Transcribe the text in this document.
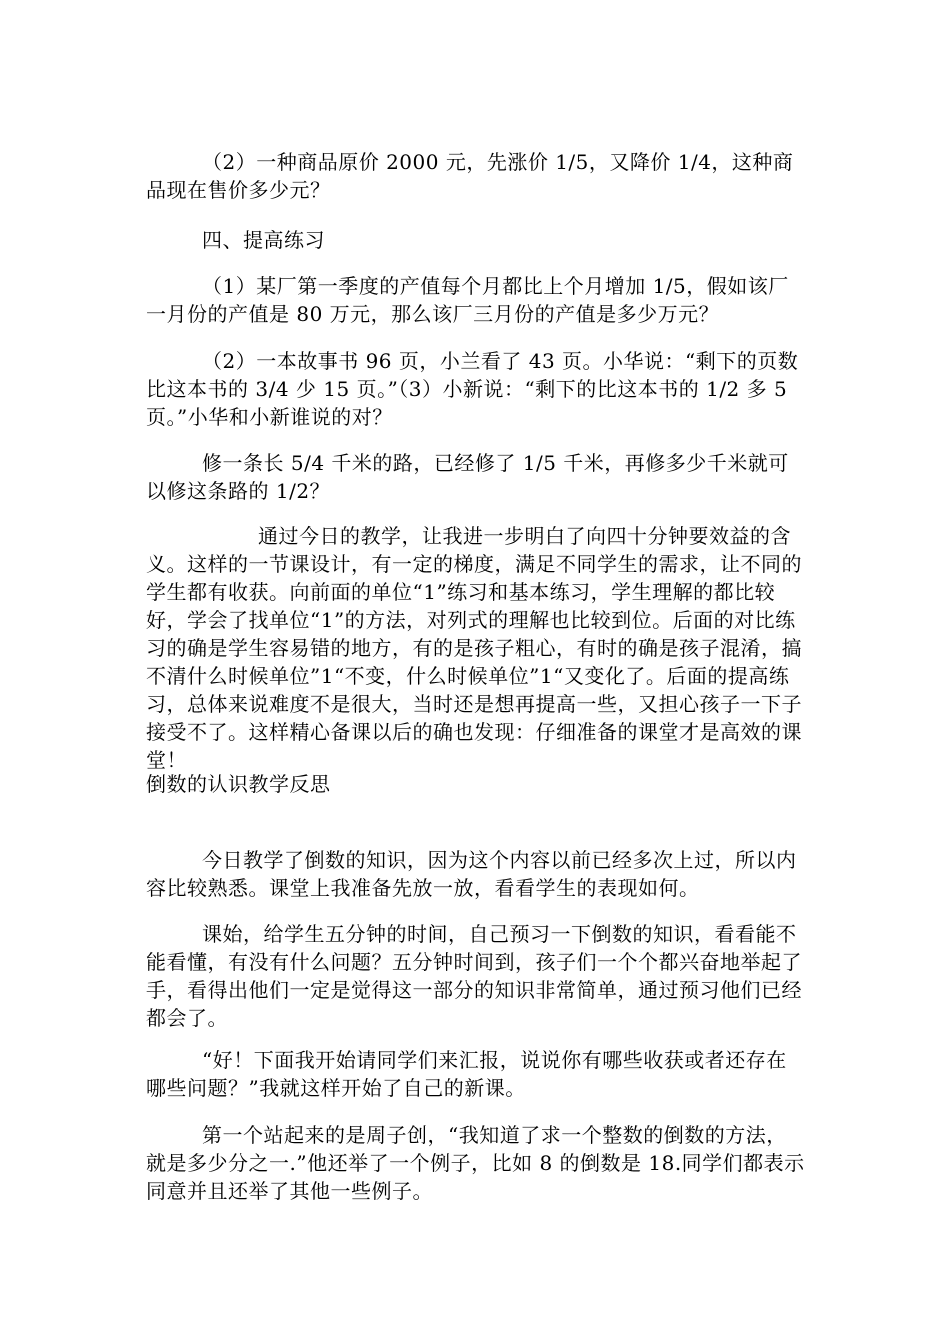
（2）一种商品原价 2000 元，先涨价 1/5，又降价 1/4，这种商品现在售价多少元？

四、提高练习

（1）某厂第一季度的产值每个月都比上个月增加 1/5，假如该厂一月份的产值是 80 万元，那么该厂三月份的产值是多少万元？

（2）一本故事书 96 页，小兰看了 43 页。小华说：“剩下的页数比这本书的 3/4 少 15 页。”（3）小新说：“剩下的比这本书的 1/2 多 5 页。”小华和小新谁说的对？

修一条长 5/4 千米的路，已经修了 1/5 千米，再修多少千米就可以修这条路的 1/2？

通过今日的教学，让我进一步明白了向四十分钟要效益的含义。这样的一节课设计，有一定的梯度，满足不同学生的需求，让不同的学生都有收获。向前面的单位“1”练习和基本练习，学生理解的都比较好，学会了找单位“1”的方法，对列式的理解也比较到位。后面的对比练习的确是学生容易错的地方，有的是孩子粗心，有时的确是孩子混淆，搞不清什么时候单位”1“不变，什么时候单位”1“又变化了。后面的提高练习，总体来说难度不是很大，当时还是想再提高一些，又担心孩子一下子接受不了。这样精心备课以后的确也发现：仔细准备的课堂才是高效的课堂！

倒数的认识教学反思

今日教学了倒数的知识，因为这个内容以前已经多次上过，所以内容比较熟悉。课堂上我准备先放一放，看看学生的表现如何。

课始，给学生五分钟的时间，自己预习一下倒数的知识，看看能不能看懂，有没有什么问题？五分钟时间到，孩子们一个个都兴奋地举起了手，看得出他们一定是觉得这一部分的知识非常简单，通过预习他们已经都会了。

“好！下面我开始请同学们来汇报，说说你有哪些收获或者还存在哪些问题？”我就这样开始了自己的新课。

第一个站起来的是周子创，“我知道了求一个整数的倒数的方法，就是多少分之一.”他还举了一个例子，比如 8 的倒数是 18.同学们都表示同意并且还举了其他一些例子。
